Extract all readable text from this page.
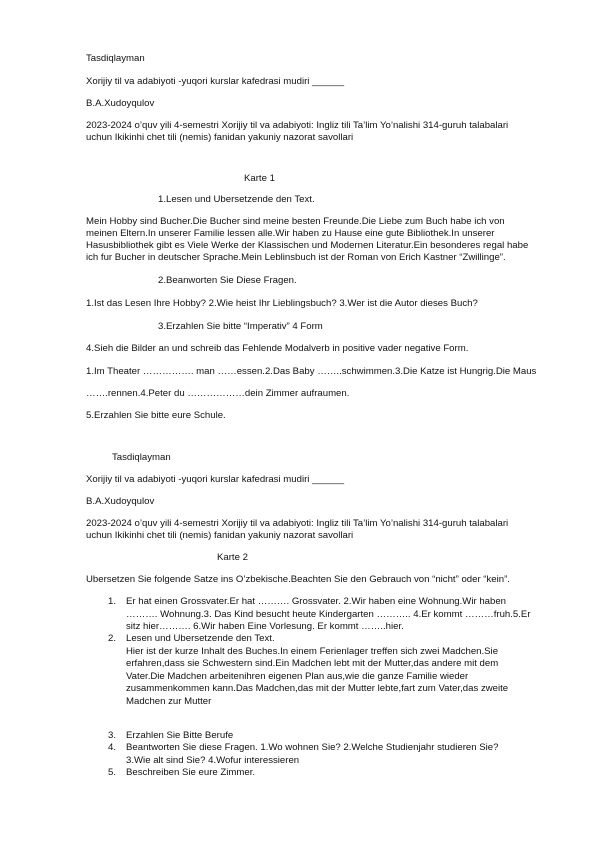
Tasdiqlayman
Xorijiy til va adabiyoti -yuqori kurslar kafedrasi mudiri ______
B.A.Xudoyqulov
2023-2024 o’quv yili 4-semestri Xorijiy til va adabiyoti: Ingliz tili Ta’lim Yo’nalishi 314-guruh talabalari
uchun Ikikinhi chet tili (nemis) fanidan yakuniy nazorat savollari
Karte 1
1.Lesen und Ubersetzende den Text.
Mein Hobby sind Bucher.Die Bucher sind meine besten Freunde.Die Liebe zum Buch habe ich von
meinen Eltern.In unserer Familie lessen alle.Wir haben zu Hause eine gute Bibliothek.In unserer
Hasusbibliothek gibt es Viele Werke der Klassischen und Modernen Literatur.Ein besonderes regal habe
ich fur Bucher in deutscher Sprache.Mein Leblinsbuch ist der Roman von Erich Kastner “Zwillinge”.
2.Beanworten Sie Diese Fragen.
1.Ist das Lesen Ihre Hobby? 2.Wie heist Ihr Lieblingsbuch? 3.Wer ist die Autor dieses Buch?
3.Erzahlen Sie bitte “Imperativ” 4 Form
4.Sieh die Bilder an und schreib das Fehlende Modalverb in positive vader negative Form.
1.Im Theater ……………. man ……essen.2.Das Baby ……..schwimmen.3.Die Katze ist Hungrig.Die Maus
…….rennen.4.Peter du ………………dein Zimmer aufraumen.
5.Erzahlen Sie bitte eure Schule.
Tasdiqlayman
Xorijiy til va adabiyoti -yuqori kurslar kafedrasi mudiri ______
B.A.Xudoyqulov
2023-2024 o’quv yili 4-semestri Xorijiy til va adabiyoti: Ingliz tili Ta’lim Yo’nalishi 314-guruh talabalari
uchun Ikikinhi chet tili (nemis) fanidan yakuniy nazorat savollari
Karte 2
Ubersetzen Sie folgende Satze ins O’zbekische.Beachten Sie den Gebrauch von “nicht” oder “kein”.
1. Er hat einen Grossvater.Er hat ………. Grossvater. 2.Wir haben eine Wohnung.Wir haben
………. Wohnung.3. Das Kind besucht heute Kindergarten ……….. 4.Er kommt ………fruh.5.Er
sitz hier………. 6.Wir haben Eine Vorlesung. Er kommt ……..hier.
2. Lesen und Ubersetzende den Text.
Hier ist der kurze Inhalt des Buches.In einem Ferienlager treffen sich zwei Madchen.Sie
erfahren,dass sie Schwestern sind.Ein Madchen lebt mit der Mutter,das andere mit dem
Vater.Die Madchen arbeitenihren eigenen Plan aus,wie die ganze Familie wieder
zusammenkommen kann.Das Madchen,das mit der Mutter lebte,fart zum Vater,das zweite
Madchen zur Mutter
3. Erzahlen Sie Bitte Berufe
4. Beantworten Sie diese Fragen. 1.Wo wohnen Sie? 2.Welche Studienjahr studieren Sie?
3.Wie alt sind Sie? 4.Wofur interessieren
5. Beschreiben Sie eure Zimmer.
